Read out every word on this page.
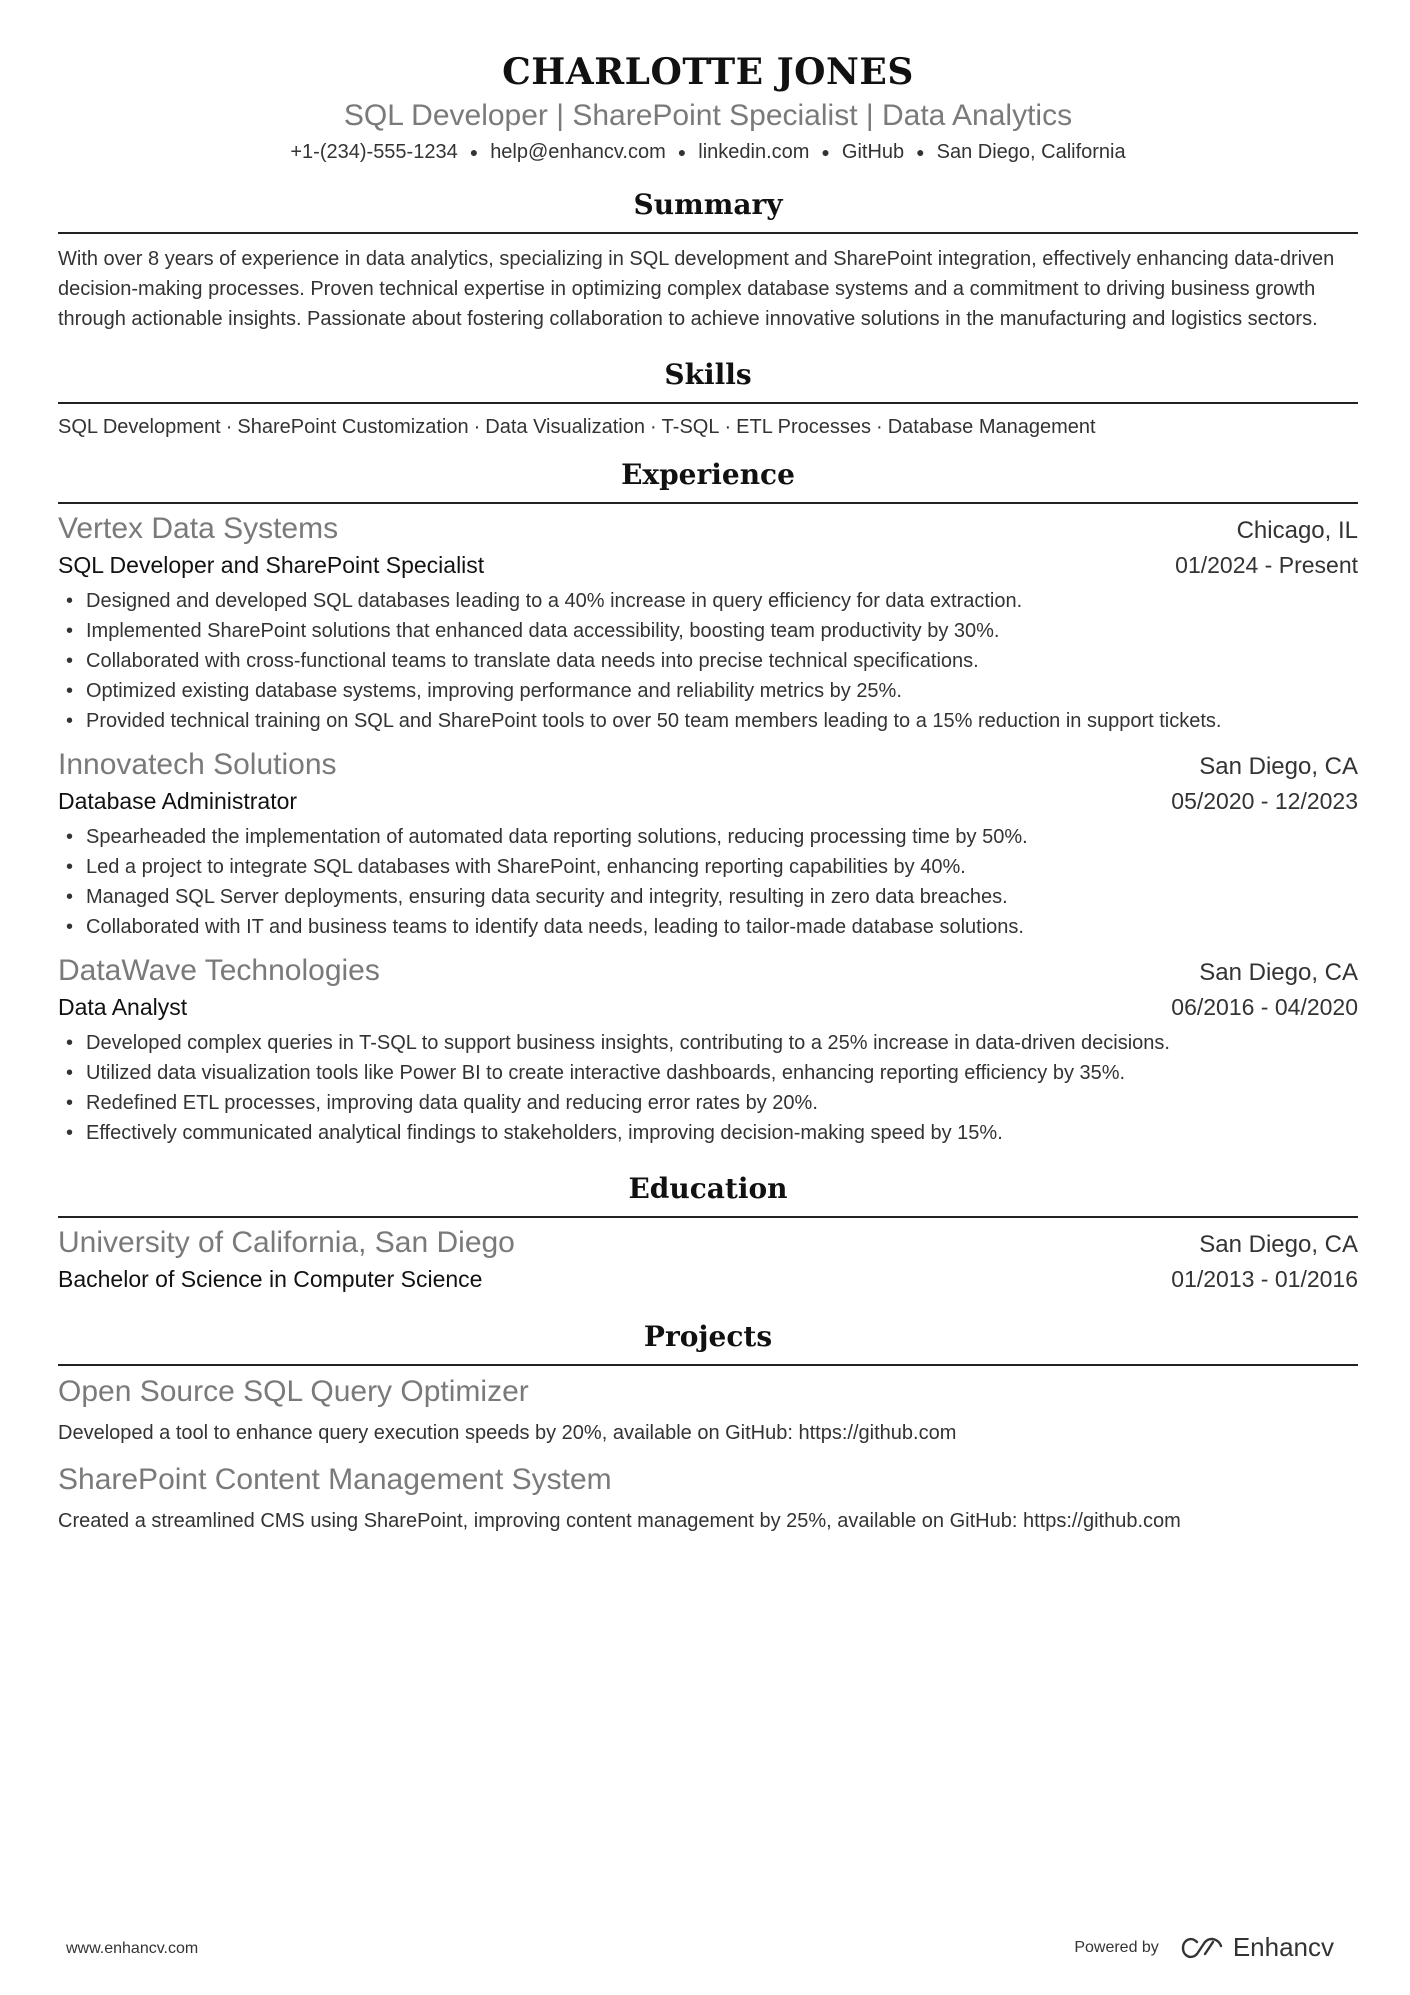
CHARLOTTE JONES
SQL Developer | SharePoint Specialist | Data Analytics
+1-(234)-555-1234 ● help@enhancv.com ● linkedin.com ● GitHub ● San Diego, California
Summary
With over 8 years of experience in data analytics, specializing in SQL development and SharePoint integration, effectively enhancing data-driven decision-making processes. Proven technical expertise in optimizing complex database systems and a commitment to driving business growth through actionable insights. Passionate about fostering collaboration to achieve innovative solutions in the manufacturing and logistics sectors.
Skills
SQL Development · SharePoint Customization · Data Visualization · T-SQL · ETL Processes · Database Management
Experience
Vertex Data Systems	Chicago, IL
SQL Developer and SharePoint Specialist	01/2024 - Present
• Designed and developed SQL databases leading to a 40% increase in query efficiency for data extraction.
• Implemented SharePoint solutions that enhanced data accessibility, boosting team productivity by 30%.
• Collaborated with cross-functional teams to translate data needs into precise technical specifications.
• Optimized existing database systems, improving performance and reliability metrics by 25%.
• Provided technical training on SQL and SharePoint tools to over 50 team members leading to a 15% reduction in support tickets.
Innovatech Solutions	San Diego, CA
Database Administrator	05/2020 - 12/2023
• Spearheaded the implementation of automated data reporting solutions, reducing processing time by 50%.
• Led a project to integrate SQL databases with SharePoint, enhancing reporting capabilities by 40%.
• Managed SQL Server deployments, ensuring data security and integrity, resulting in zero data breaches.
• Collaborated with IT and business teams to identify data needs, leading to tailor-made database solutions.
DataWave Technologies	San Diego, CA
Data Analyst	06/2016 - 04/2020
• Developed complex queries in T-SQL to support business insights, contributing to a 25% increase in data-driven decisions.
• Utilized data visualization tools like Power BI to create interactive dashboards, enhancing reporting efficiency by 35%.
• Redefined ETL processes, improving data quality and reducing error rates by 20%.
• Effectively communicated analytical findings to stakeholders, improving decision-making speed by 15%.
Education
University of California, San Diego	San Diego, CA
Bachelor of Science in Computer Science	01/2013 - 01/2016
Projects
Open Source SQL Query Optimizer
Developed a tool to enhance query execution speeds by 20%, available on GitHub: https://github.com
SharePoint Content Management System
Created a streamlined CMS using SharePoint, improving content management by 25%, available on GitHub: https://github.com
www.enhancv.com	Powered by	Enhancv
